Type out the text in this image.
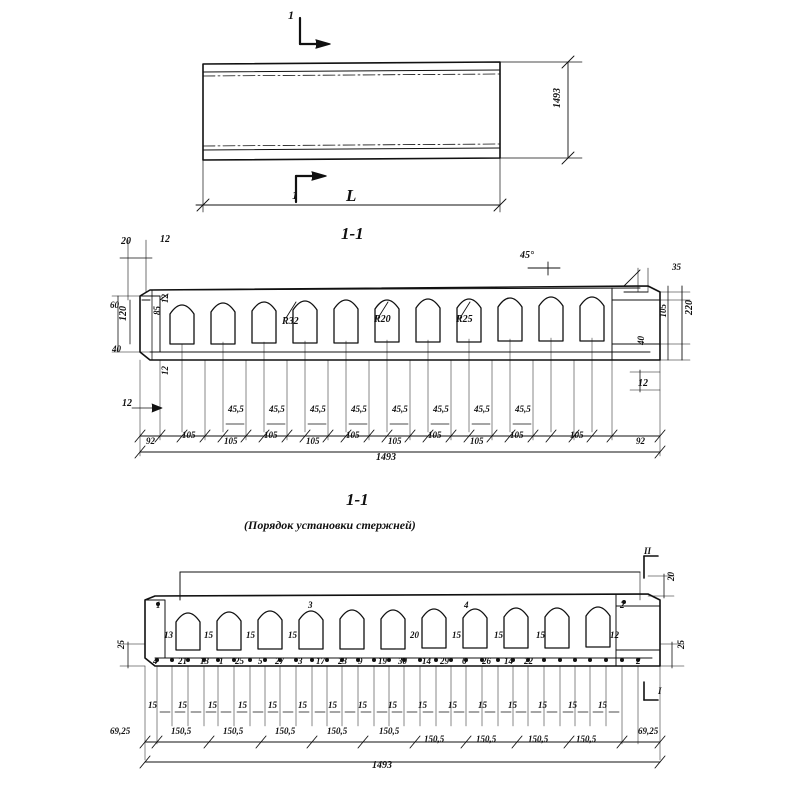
1
1	L
1493
1-1
20	12
60
12
85
120
12
40
12
35
40
105 220
12
45°
R32	R20	R25
45,5	45,5	45,5	45,5	45,5	45,5	45,5	45,5
92
105
105
105
105
105
105
105
105
105	105
92
1493
1-1
(Порядок установки стержней)
II
I
25
20
25
1	3	4	2
4 21 13 1 25 5 27 3 17 23 9 19 30 14 29 6 26 14 22	2
13	15	15	15	20	15	15	15	12
15 15 15 15 15 15 15 15 15 15 15 15 15 15 15 15
69,25	150,5	150,5	150,5	150,5	150,5
150,5	150,5	150,5	150,5
69,25
1493
